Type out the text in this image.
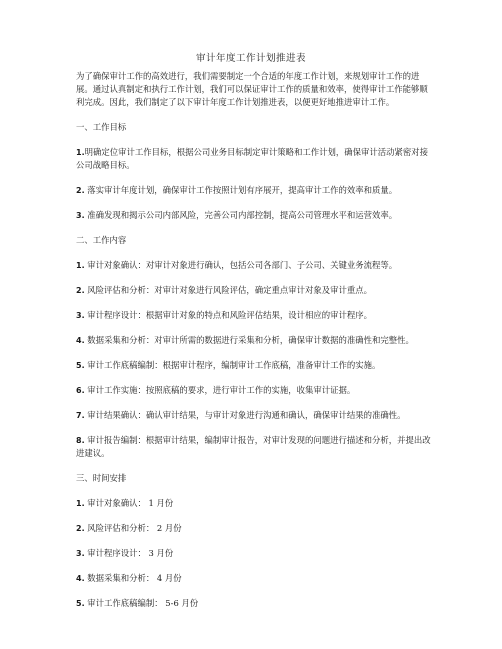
审计年度工作计划推进表

为了确保审计工作的高效进行，我们需要制定一个合适的年度工作计划，来规划审计工作的进展。通过认真制定和执行工作计划，我们可以保证审计工作的质量和效率，使得审计工作能够顺利完成。因此，我们制定了以下审计年度工作计划推进表，以便更好地推进审计工作。

一、工作目标
1.明确定位审计工作目标，根据公司业务目标制定审计策略和工作计划，确保审计活动紧密对接公司战略目标。
2. 落实审计年度计划，确保审计工作按照计划有序展开，提高审计工作的效率和质量。
3. 准确发现和揭示公司内部风险，完善公司内部控制，提高公司管理水平和运营效率。
二、工作内容
1. 审计对象确认：对审计对象进行确认，包括公司各部门、子公司、关键业务流程等。
2. 风险评估和分析：对审计对象进行风险评估，确定重点审计对象及审计重点。
3. 审计程序设计：根据审计对象的特点和风险评估结果，设计相应的审计程序。
4. 数据采集和分析：对审计所需的数据进行采集和分析，确保审计数据的准确性和完整性。
5. 审计工作底稿编制：根据审计程序，编制审计工作底稿，准备审计工作的实施。
6. 审计工作实施：按照底稿的要求，进行审计工作的实施，收集审计证据。
7. 审计结果确认：确认审计结果，与审计对象进行沟通和确认，确保审计结果的准确性。
8. 审计报告编制：根据审计结果，编制审计报告，对审计发现的问题进行描述和分析，并提出改进建议。
三、时间安排
1. 审计对象确认： 1 月份
2. 风险评估和分析： 2 月份
3. 审计程序设计： 3 月份
4. 数据采集和分析： 4 月份
5. 审计工作底稿编制： 5-6 月份
